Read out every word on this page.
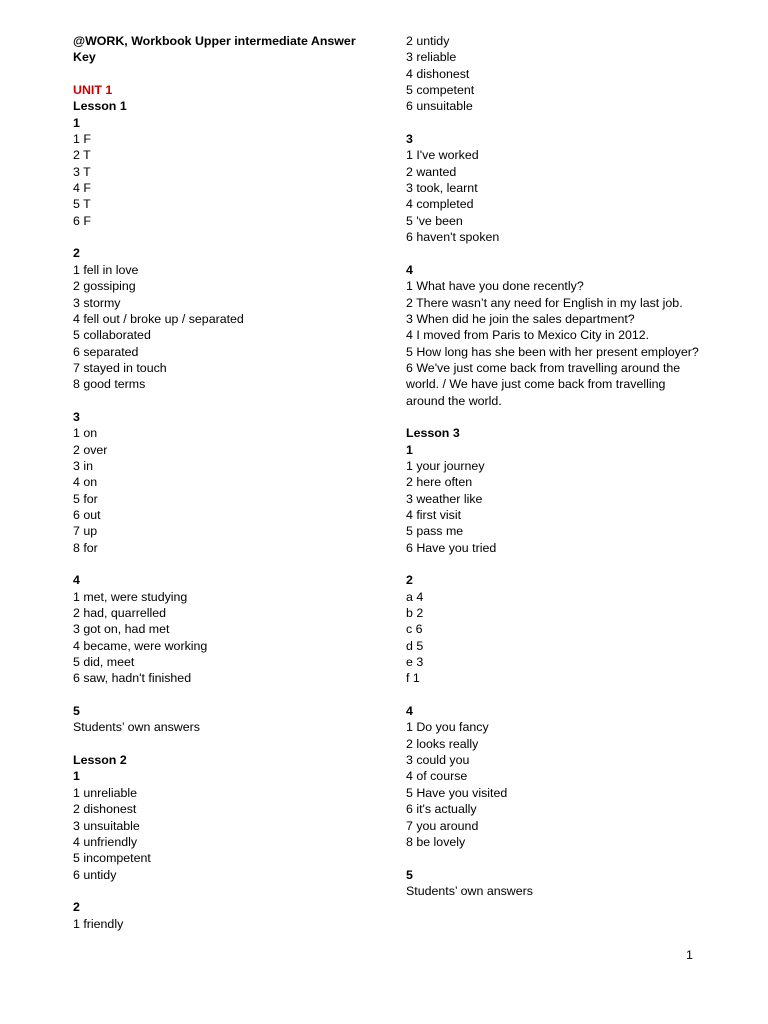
@WORK, Workbook Upper intermediate Answer Key
UNIT 1
Lesson 1
1
1 F
2 T
3 T
4 F
5 T
6 F
2
1 fell in love
2 gossiping
3 stormy
4 fell out / broke up / separated
5 collaborated
6 separated
7 stayed in touch
8 good terms
3
1 on
2 over
3 in
4 on
5 for
6 out
7 up
8 for
4
1 met, were studying
2 had, quarrelled
3 got on, had met
4 became, were working
5 did, meet
6 saw, hadn't finished
5
Students’ own answers
Lesson 2
1
1 unreliable
2 dishonest
3 unsuitable
4 unfriendly
5 incompetent
6 untidy
2
1 friendly
2 untidy
3 reliable
4 dishonest
5 competent
6 unsuitable
3
1 I've worked
2 wanted
3 took, learnt
4 completed
5 've been
6 haven't spoken
4
1 What have you done recently?
2 There wasn’t any need for English in my last job.
3 When did he join the sales department?
4 I moved from Paris to Mexico City in 2012.
5 How long has she been with her present employer?
6 We've just come back from travelling around the world. / We have just come back from travelling around the world.
Lesson 3
1
1 your journey
2 here often
3 weather like
4 first visit
5 pass me
6 Have you tried
2
a 4
b 2
c 6
d 5
e 3
f 1
4
1 Do you fancy
2 looks really
3 could you
4 of course
5 Have you visited
6 it's actually
7 you around
8 be lovely
5
Students’ own answers
1
